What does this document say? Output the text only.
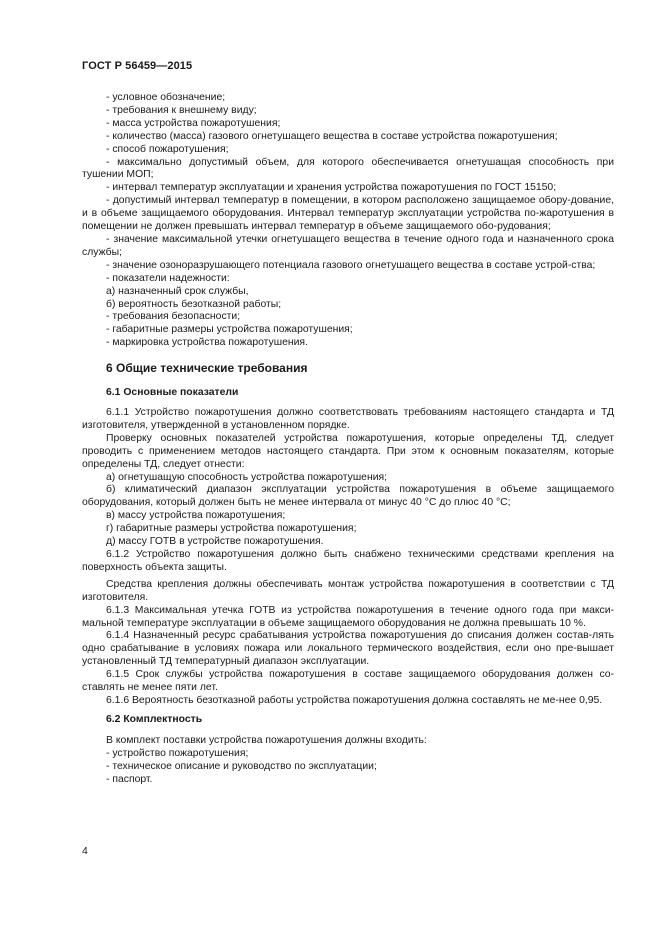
ГОСТ Р 56459—2015
- условное обозначение;
- требования к внешнему виду;
- масса устройства пожаротушения;
- количество (масса) газового огнетушащего вещества в составе устройства пожаротушения;
- способ пожаротушения;
- максимально допустимый объем, для которого обеспечивается огнетушащая способность при тушении МОП;
- интервал температур эксплуатации и хранения устройства пожаротушения по ГОСТ 15150;
- допустимый интервал температур в помещении, в котором расположено защищаемое обору-дование, и в объеме защищаемого оборудования. Интервал температур эксплуатации устройства по-жаротушения в помещении не должен превышать интервал температур в объеме защищаемого обо-рудования;
- значение максимальной утечки огнетушащего вещества в течение одного года и назначенного срока службы;
- значение озоноразрушающего потенциала газового огнетушащего вещества в составе устрой-ства;
- показатели надежности:
а) назначенный срок службы,
б) вероятность безотказной работы;
- требования безопасности;
- габаритные размеры устройства пожаротушения;
- маркировка устройства пожаротушения.
6 Общие технические требования
6.1 Основные показатели
6.1.1 Устройство пожаротушения должно соответствовать требованиям настоящего стандарта и ТД изготовителя, утвержденной в установленном порядке.
Проверку основных показателей устройства пожаротушения, которые определены ТД, следует проводить с применением методов настоящего стандарта. При этом к основным показателям, которые определены ТД, следует отнести:
а) огнетушащую способность устройства пожаротушения;
б) климатический диапазон эксплуатации устройства пожаротушения в объеме защищаемого оборудования, который должен быть не менее интервала от минус 40 °С до плюс 40 °С;
в) массу устройства пожаротушения;
г) габаритные размеры устройства пожаротушения;
д) массу ГОТВ в устройстве пожаротушения.
6.1.2 Устройство пожаротушения должно быть снабжено техническими средствами крепления на поверхность объекта защиты.
Средства крепления должны обеспечивать монтаж устройства пожаротушения в соответствии с ТД изготовителя.
6.1.3 Максимальная утечка ГОТВ из устройства пожаротушения в течение одного года при макси-мальной температуре эксплуатации в объеме защищаемого оборудования не должна превышать 10 %.
6.1.4 Назначенный ресурс срабатывания устройства пожаротушения до списания должен состав-лять одно срабатывание в условиях пожара или локального термического воздействия, если оно пре-вышает установленный ТД температурный диапазон эксплуатации.
6.1.5 Срок службы устройства пожаротушения в составе защищаемого оборудования должен со-ставлять не менее пяти лет.
6.1.6 Вероятность безотказной работы устройства пожаротушения должна составлять не ме-нее 0,95.
6.2 Комплектность
В комплект поставки устройства пожаротушения должны входить:
- устройство пожаротушения;
- техническое описание и руководство по эксплуатации;
- паспорт.
4
